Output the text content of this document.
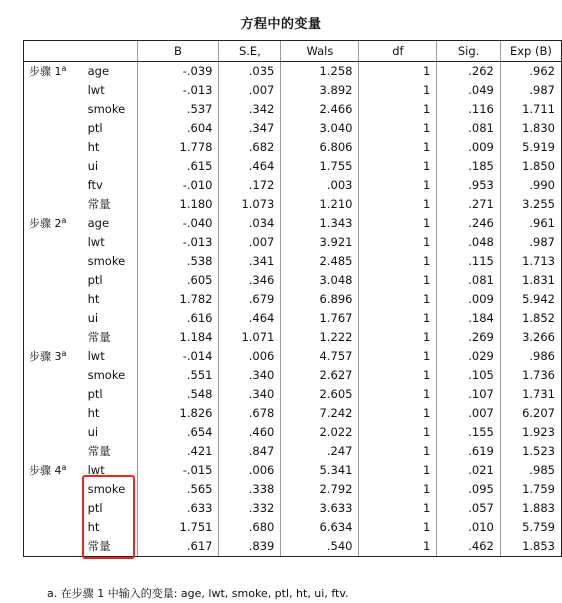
方程中的变量
		B	S.E,	Wals	df	Sig.	Exp (B)
步骤 1$^a$	age	-.039	.035	1.258	1	.262	.962
	lwt	-.013	.007	3.892	1	.049	.987
	smoke	.537	.342	2.466	1	.116	1.711
	ptl	.604	.347	3.040	1	.081	1.830
	ht	1.778	.682	6.806	1	.009	5.919
	ui	.615	.464	1.755	1	.185	1.850
	ftv	-.010	.172	.003	1	.953	.990
	常量	1.180	1.073	1.210	1	.271	3.255
步骤 2$^a$	age	-.040	.034	1.343	1	.246	.961
	lwt	-.013	.007	3.921	1	.048	.987
	smoke	.538	.341	2.485	1	.115	1.713
	ptl	.605	.346	3.048	1	.081	1.831
	ht	1.782	.679	6.896	1	.009	5.942
	ui	.616	.464	1.767	1	.184	1.852
	常量	1.184	1.071	1.222	1	.269	3.266
步骤 3$^a$	lwt	-.014	.006	4.757	1	.029	.986
	smoke	.551	.340	2.627	1	.105	1.736
	ptl	.548	.340	2.605	1	.107	1.731
	ht	1.826	.678	7.242	1	.007	6.207
	ui	.654	.460	2.022	1	.155	1.923
	常量	.421	.847	.247	1	.619	1.523
步骤 4$^a$	lwt	-.015	.006	5.341	1	.021	.985
	smoke	.565	.338	2.792	1	.095	1.759
	ptl	.633	.332	3.633	1	.057	1.883
	ht	1.751	.680	6.634	1	.010	5.759
	常量	.617	.839	.540	1	.462	1.853
a. 在步骤 1 中输入的变量: age, lwt, smoke, ptl, ht, ui, ftv.
